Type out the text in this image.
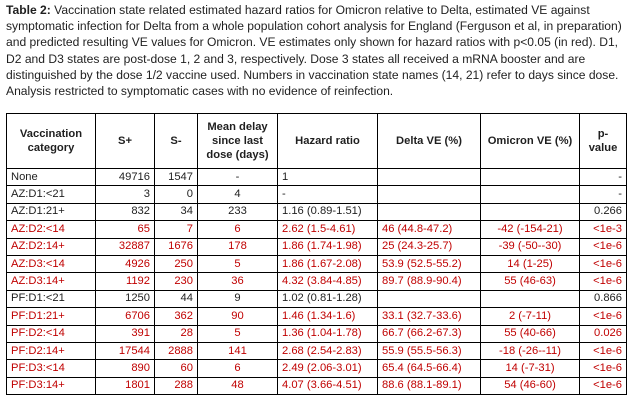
Table 2: Vaccination state related estimated hazard ratios for Omicron relative to Delta, estimated VE against symptomatic infection for Delta from a whole population cohort analysis for England (Ferguson et al, in preparation) and predicted resulting VE values for Omicron. VE estimates only shown for hazard ratios with p<0.05 (in red). D1, D2 and D3 states are post-dose 1, 2 and 3, respectively. Dose 3 states all received a mRNA booster and are distinguished by the dose 1/2 vaccine used. Numbers in vaccination state names (14, 21) refer to days since dose. Analysis restricted to symptomatic cases with no evidence of reinfection.

Vaccination category	S+	S-	Mean delay since last dose (days)	Hazard ratio	Delta VE (%)	Omicron VE (%)	p-value
None	49716	1547	-	1			-
AZ:D1:<21	3	0	4	-			-
AZ:D1:21+	832	34	233	1.16 (0.89-1.51)			0.266
AZ:D2:<14	65	7	6	2.62 (1.5-4.61)	46 (44.8-47.2)	-42 (-154-21)	<1e-3
AZ:D2:14+	32887	1676	178	1.86 (1.74-1.98)	25 (24.3-25.7)	-39 (-50--30)	<1e-6
AZ:D3:<14	4926	250	5	1.86 (1.67-2.08)	53.9 (52.5-55.2)	14 (1-25)	<1e-6
AZ:D3:14+	1192	230	36	4.32 (3.84-4.85)	89.7 (88.9-90.4)	55 (46-63)	<1e-6
PF:D1:<21	1250	44	9	1.02 (0.81-1.28)			0.866
PF:D1:21+	6706	362	90	1.46 (1.34-1.6)	33.1 (32.7-33.6)	2 (-7-11)	<1e-6
PF:D2:<14	391	28	5	1.36 (1.04-1.78)	66.7 (66.2-67.3)	55 (40-66)	0.026
PF:D2:14+	17544	2888	141	2.68 (2.54-2.83)	55.9 (55.5-56.3)	-18 (-26--11)	<1e-6
PF:D3:<14	890	60	6	2.49 (2.06-3.01)	65.4 (64.5-66.4)	14 (-7-31)	<1e-6
PF:D3:14+	1801	288	48	4.07 (3.66-4.51)	88.6 (88.1-89.1)	54 (46-60)	<1e-6
